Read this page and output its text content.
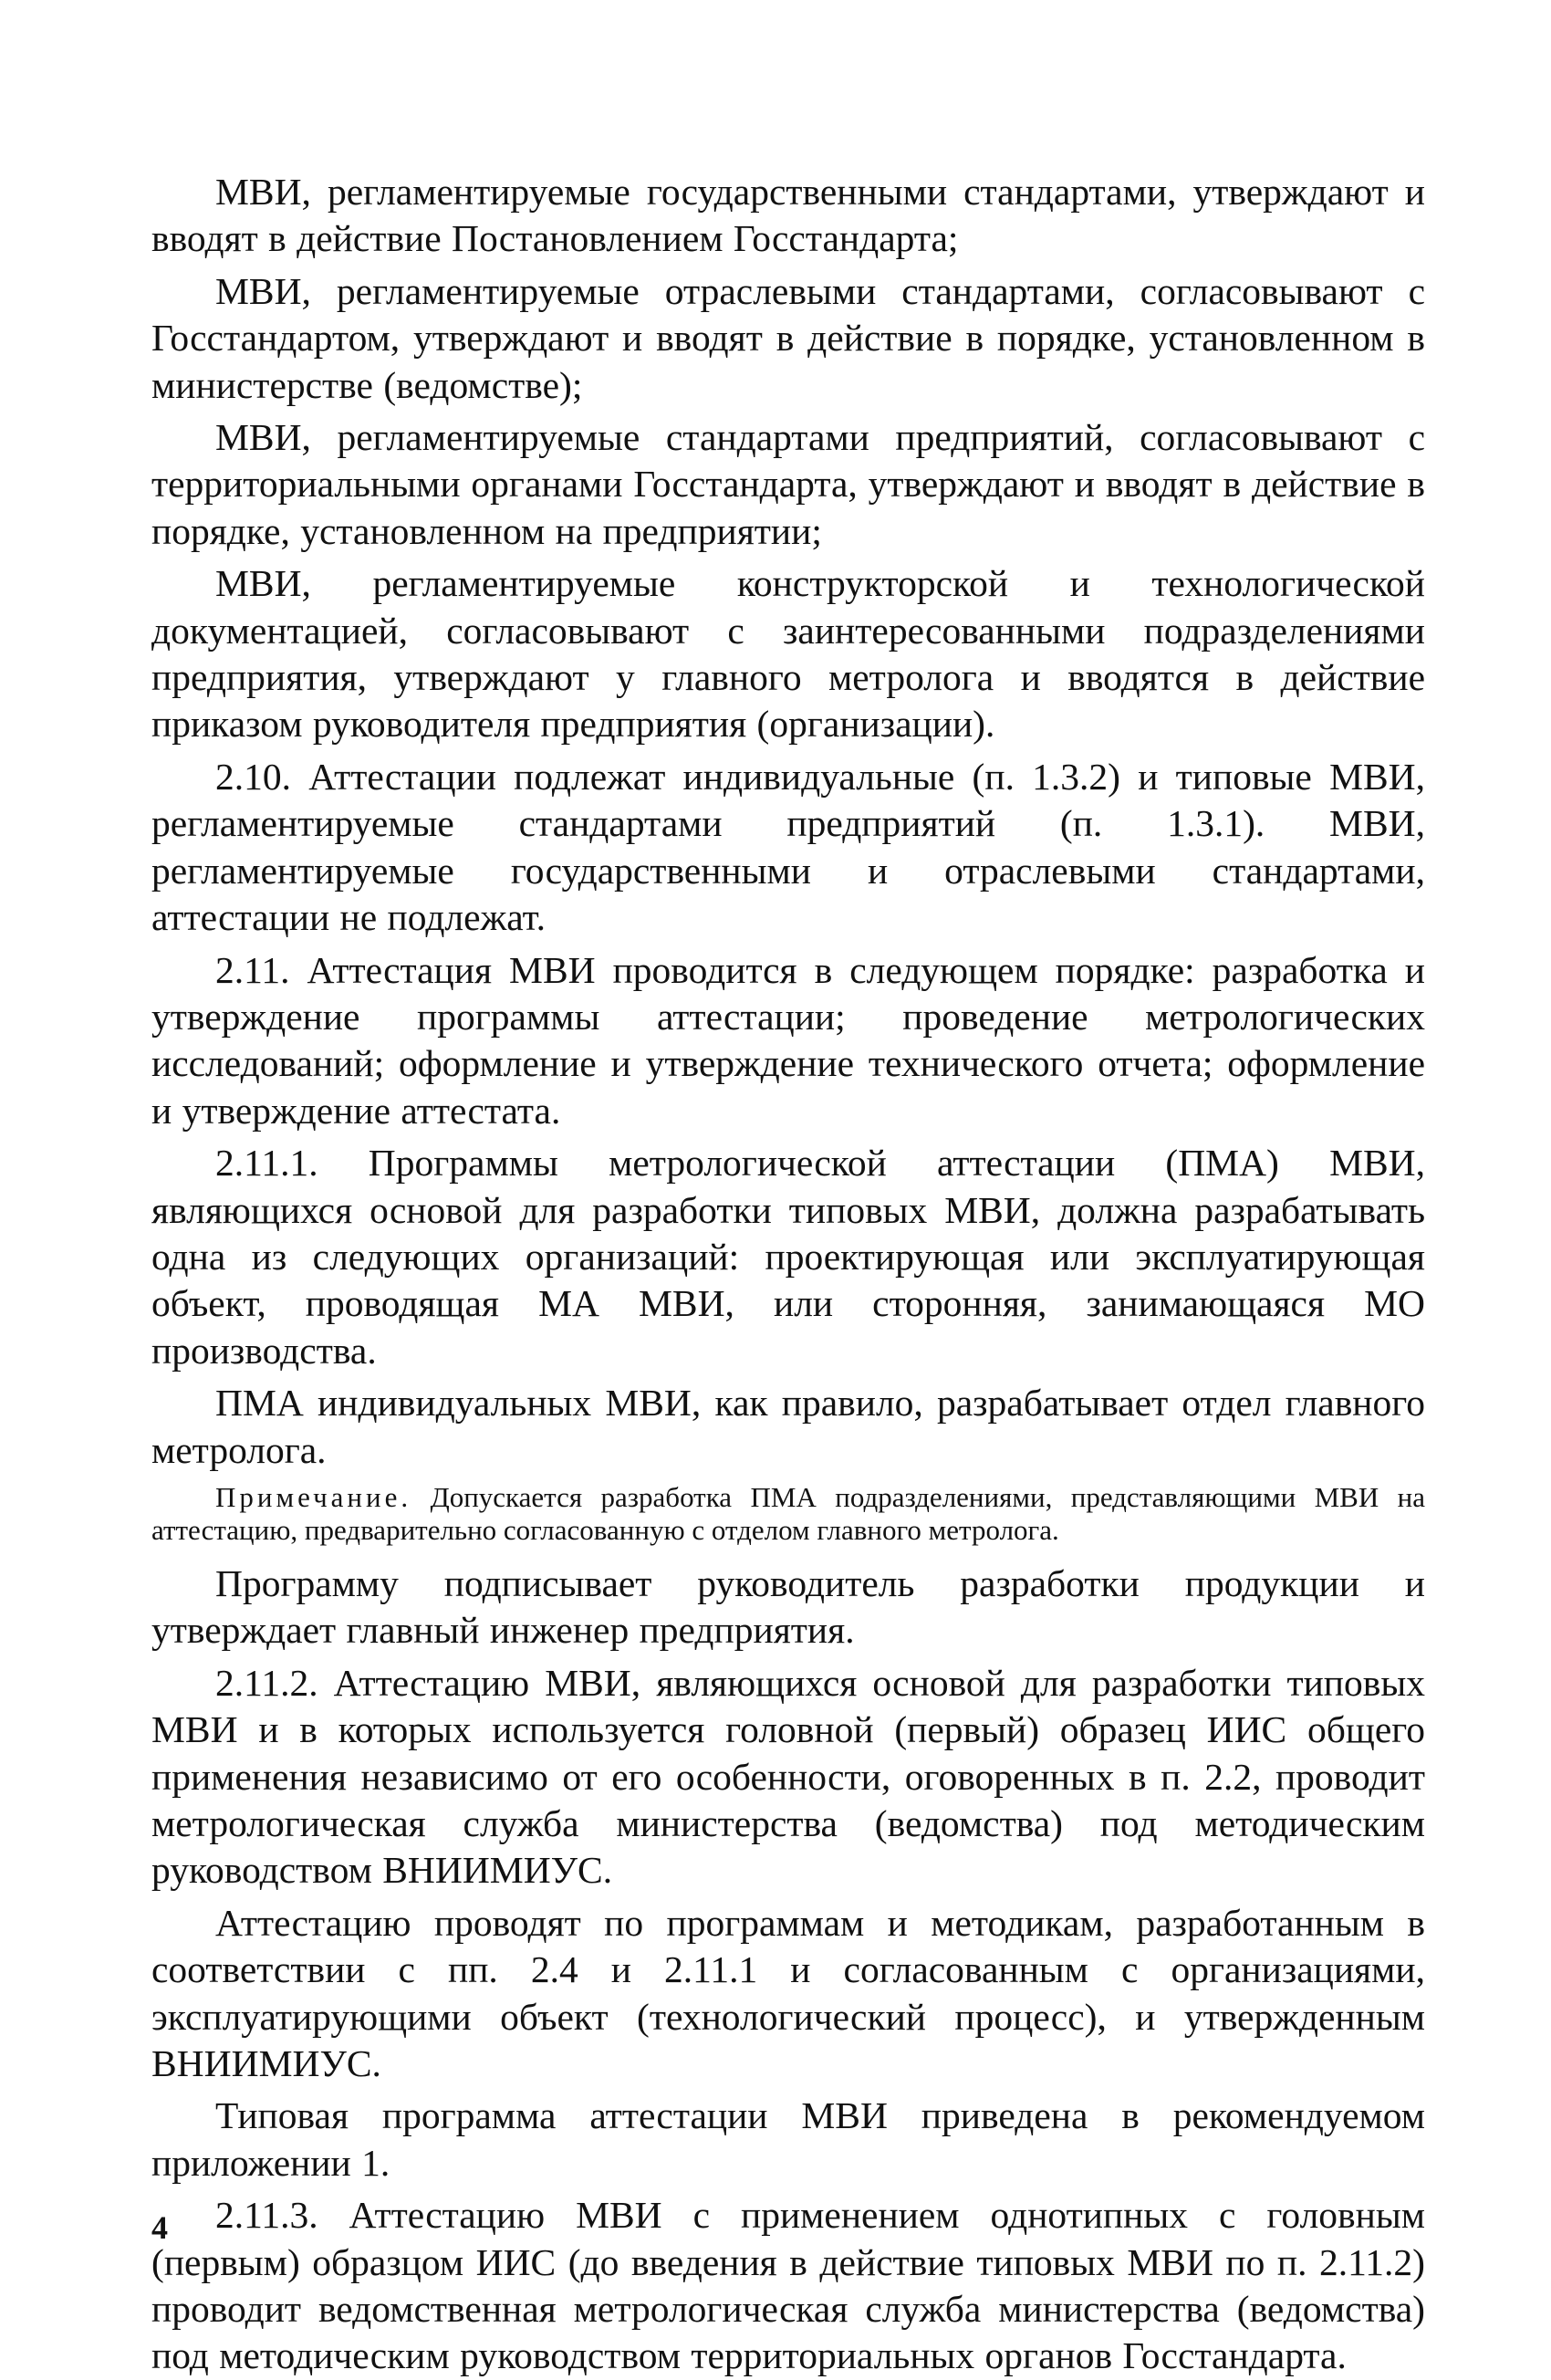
МВИ, регламентируемые государственными стандартами, утверждают и вводят в действие Постановлением Госстандарта;

МВИ, регламентируемые отраслевыми стандартами, согласовывают с Госстандартом, утверждают и вводят в действие в порядке, установленном в министерстве (ведомстве);

МВИ, регламентируемые стандартами предприятий, согласовывают с территориальными органами Госстандарта, утверждают и вводят в действие в порядке, установленном на предприятии;

МВИ, регламентируемые конструкторской и технологической документацией, согласовывают с заинтересованными подразделениями предприятия, утверждают у главного метролога и вводятся в действие приказом руководителя предприятия (организации).

2.10. Аттестации подлежат индивидуальные (п. 1.3.2) и типовые МВИ, регламентируемые стандартами предприятий (п. 1.3.1). МВИ, регламентируемые государственными и отраслевыми стандартами, аттестации не подлежат.

2.11. Аттестация МВИ проводится в следующем порядке: разработка и утверждение программы аттестации; проведение метрологических исследований; оформление и утверждение технического отчета; оформление и утверждение аттестата.

2.11.1. Программы метрологической аттестации (ПМА) МВИ, являющихся основой для разработки типовых МВИ, должна разрабатывать одна из следующих организаций: проектирующая или эксплуатирующая объект, проводящая МА МВИ, или сторонняя, занимающаяся МО производства.

ПМА индивидуальных МВИ, как правило, разрабатывает отдел главного метролога.

Примечание. Допускается разработка ПМА подразделениями, представляющими МВИ на аттестацию, предварительно согласованную с отделом главного метролога.

Программу подписывает руководитель разработки продукции и утверждает главный инженер предприятия.

2.11.2. Аттестацию МВИ, являющихся основой для разработки типовых МВИ и в которых используется головной (первый) образец ИИС общего применения независимо от его особенности, оговоренных в п. 2.2, проводит метрологическая служба министерства (ведомства) под методическим руководством ВНИИМИУС.

Аттестацию проводят по программам и методикам, разработанным в соответствии с пп. 2.4 и 2.11.1 и согласованным с организациями, эксплуатирующими объект (технологический процесс), и утвержденным ВНИИМИУС.

Типовая программа аттестации МВИ приведена в рекомендуемом приложении 1.

2.11.3. Аттестацию МВИ с применением однотипных с головным (первым) образцом ИИС (до введения в действие типовых МВИ по п. 2.11.2) проводит ведомственная метрологическая служба министерства (ведомства) под методическим руководством территориальных органов Госстандарта.

4
